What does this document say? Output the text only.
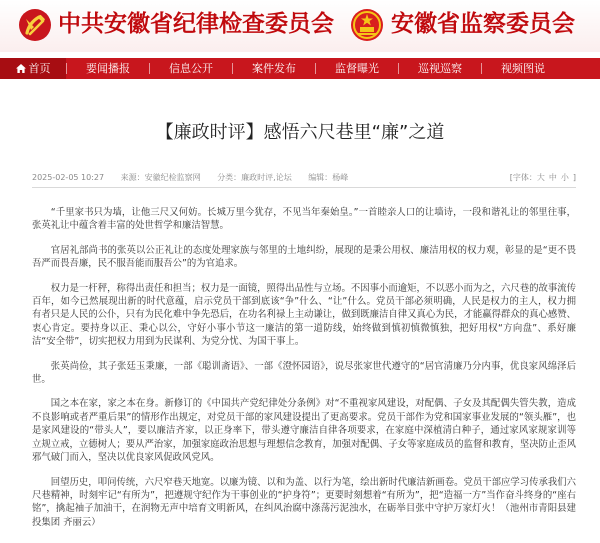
中共安徽省纪律检查委员会 安徽省监察委员会
首页	要闻播报	信息公开	案件发布	监督曝光	巡视巡察	视频图说
【廉政时评】感悟六尺巷里“廉”之道
2025-02-05 10:27 来源：安徽纪检监察网 分类：廉政时评,论坛 编辑：杨峰	[字体：大 中 小 ]

“千里家书只为墙，让他三尺又何妨。长城万里今犹存，不见当年秦始皇。”一首睦亲人口的让墙诗，一段和谐礼让的邻里往事，张英礼让中蕴含着丰富的处世哲学和廉洁智慧。

官居礼部尚书的张英以公正礼让的态度处理家族与邻里的土地纠纷，展现的是秉公用权、廉洁用权的权力观，彰显的是“更不畏吾严而畏吾廉，民不服吾能而服吾公”的为官追求。

权力是一杆秤，称得出责任和担当；权力是一面镜，照得出品性与立场。不因事小而逾矩，不以恶小而为之，六尺巷的故事流传百年，如今已然展现出新的时代意蕴，启示党员干部到底该“争”什么、“让”什么。党员干部必须明确，人民是权力的主人，权力拥有者只是人民的公仆，只有为民化难中争先恐后，在功名利禄上主动谦让，做到既廉洁自律又真心为民，才能赢得群众的真心感赞、衷心肯定。要持身以正、秉心以公，守好小事小节这一廉洁的第一道防线，始终做到慎初慎微慎独，把好用权“方向盘”、系好廉洁“安全带”，切实把权力用到为民谋利、为党分忧、为国干事上。

张英尚俭，其子张廷玉秉廉，一部《聪训斋语》、一部《澄怀园语》，说尽张家世代遵守的“居官清廉乃分内事，优良家风绵泽后世。

国之本在家，家之本在身。新修订的《中国共产党纪律处分条例》对“不重视家风建设，对配偶、子女及其配偶失管失教，造成不良影响或者严重后果”的情形作出规定，对党员干部的家风建设提出了更高要求。党员干部作为党和国家事业发展的“领头雁”，也是家风建设的“带头人”，要以廉洁齐家，以正身率下，带头遵守廉洁自律各项要求，在家庭中深植清白种子，通过家风家规家训等立规立戒，立德树人；要从严治家，加强家庭政治思想与理想信念教育，加强对配偶、子女等家庭成员的监督和教育，坚决防止歪风邪气破门而入，坚决以优良家风促政风党风。

回望历史，叩问传统，六尺窄巷天地宽。以廉为镜、以和为盖、以行为笔，绘出新时代廉洁新画卷。党员干部应学习传承我们六尺巷精神，时刻牢记“有所为”，把遵规守纪作为干事创业的“护身符”；更要时刻想着“有所为”，把“造福一方”当作奋斗终身的“座右铭”，擒起袖子加油干，在润物无声中培育文明新风，在纠风治腐中涤荡污泥浊水，在砺举目张中守护万家灯火！（池州市青阳县建投集团 齐丽云）
